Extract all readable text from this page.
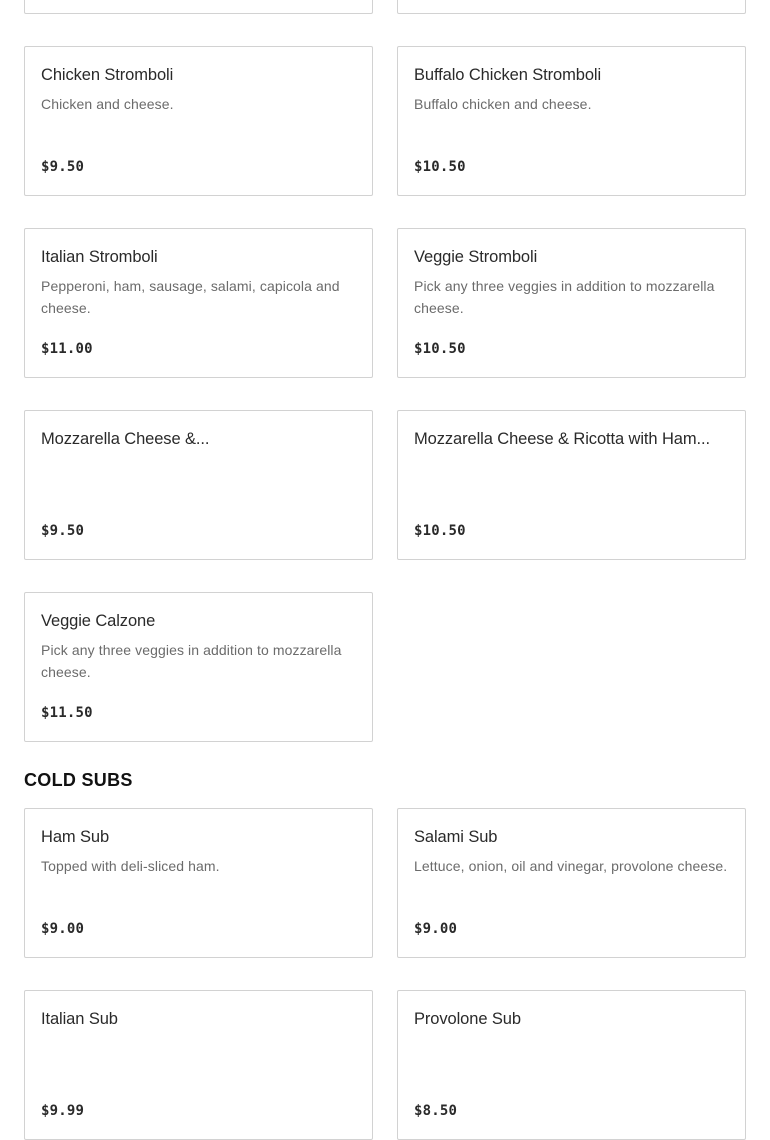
Chicken Stromboli
Chicken and cheese.
$9.50
Buffalo Chicken Stromboli
Buffalo chicken and cheese.
$10.50
Italian Stromboli
Pepperoni, ham, sausage, salami, capicola and cheese.
$11.00
Veggie Stromboli
Pick any three veggies in addition to mozzarella cheese.
$10.50
Mozzarella Cheese &...
$9.50
Mozzarella Cheese & Ricotta with Ham...
$10.50
Veggie Calzone
Pick any three veggies in addition to mozzarella cheese.
$11.50
COLD SUBS
Ham Sub
Topped with deli-sliced ham.
$9.00
Salami Sub
Lettuce, onion, oil and vinegar, provolone cheese.
$9.00
Italian Sub
$9.99
Provolone Sub
$8.50
